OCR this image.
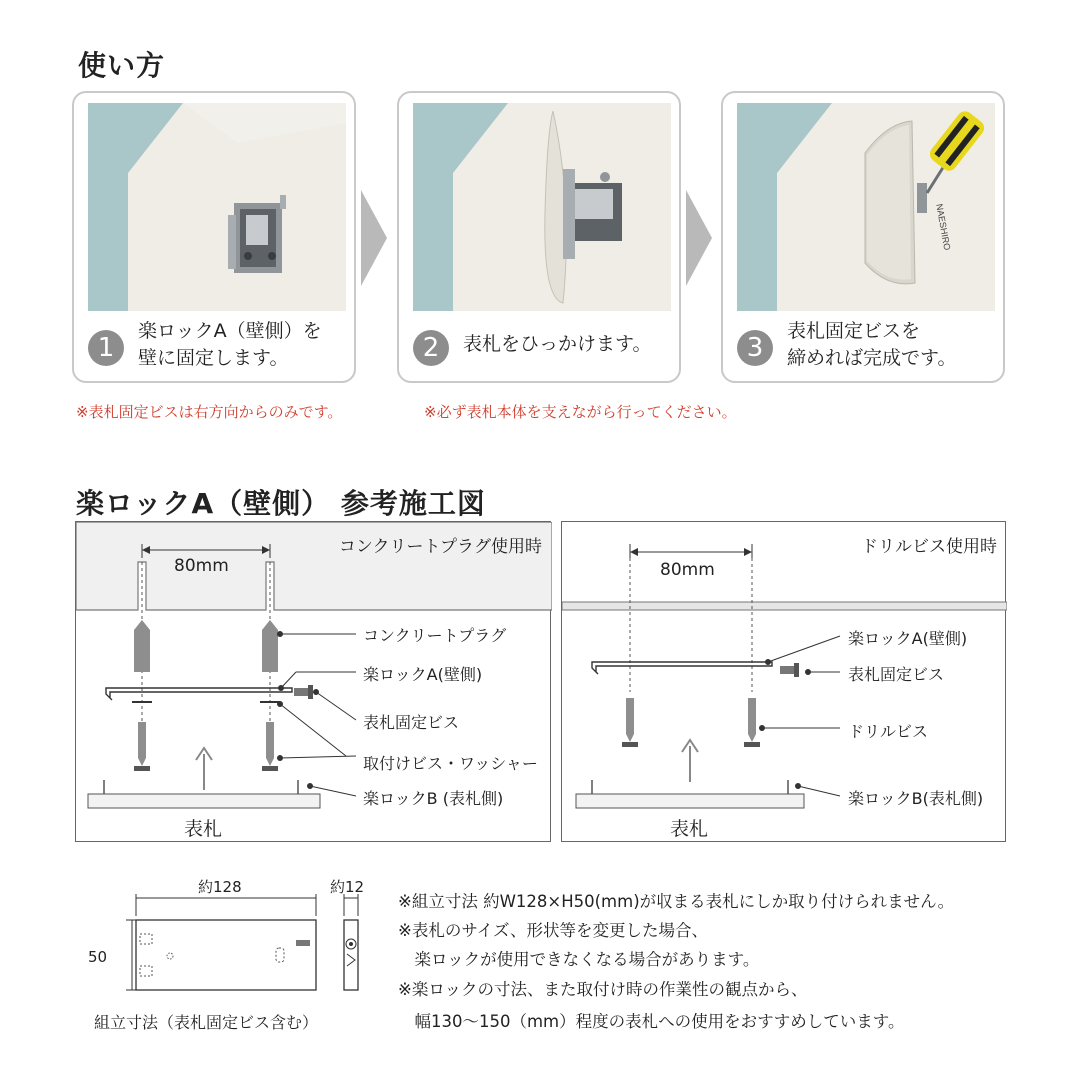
使い方
1
楽ロックA（壁側）を
壁に固定します。	2	表札をひっかけます。
NAESHIRO
3
表札固定ビスを
締めれば完成です。
※表札固定ビスは右方向からのみです。	※必ず表札本体を支えながら行ってください。
楽ロックA（壁側） 参考施工図
コンクリートプラグ使用時
80mm
コンクリートプラグ
楽ロックA(壁側)
表札固定ビス
取付けビス・ワッシャー
楽ロックB (表札側)
表札
ドリルビス使用時
80mm
楽ロックA(壁側)
表札固定ビス
ドリルビス
楽ロックB(表札側)
表札
約128	約12
50
組立寸法（表札固定ビス含む）
※組立寸法 約W128×H50(mm)が収まる表札にしか取り付けられません。
※表札のサイズ、形状等を変更した場合、
　楽ロックが使用できなくなる場合があります。
※楽ロックの寸法、また取付け時の作業性の観点から、
　幅130〜150（mm）程度の表札への使用をおすすめしています。
